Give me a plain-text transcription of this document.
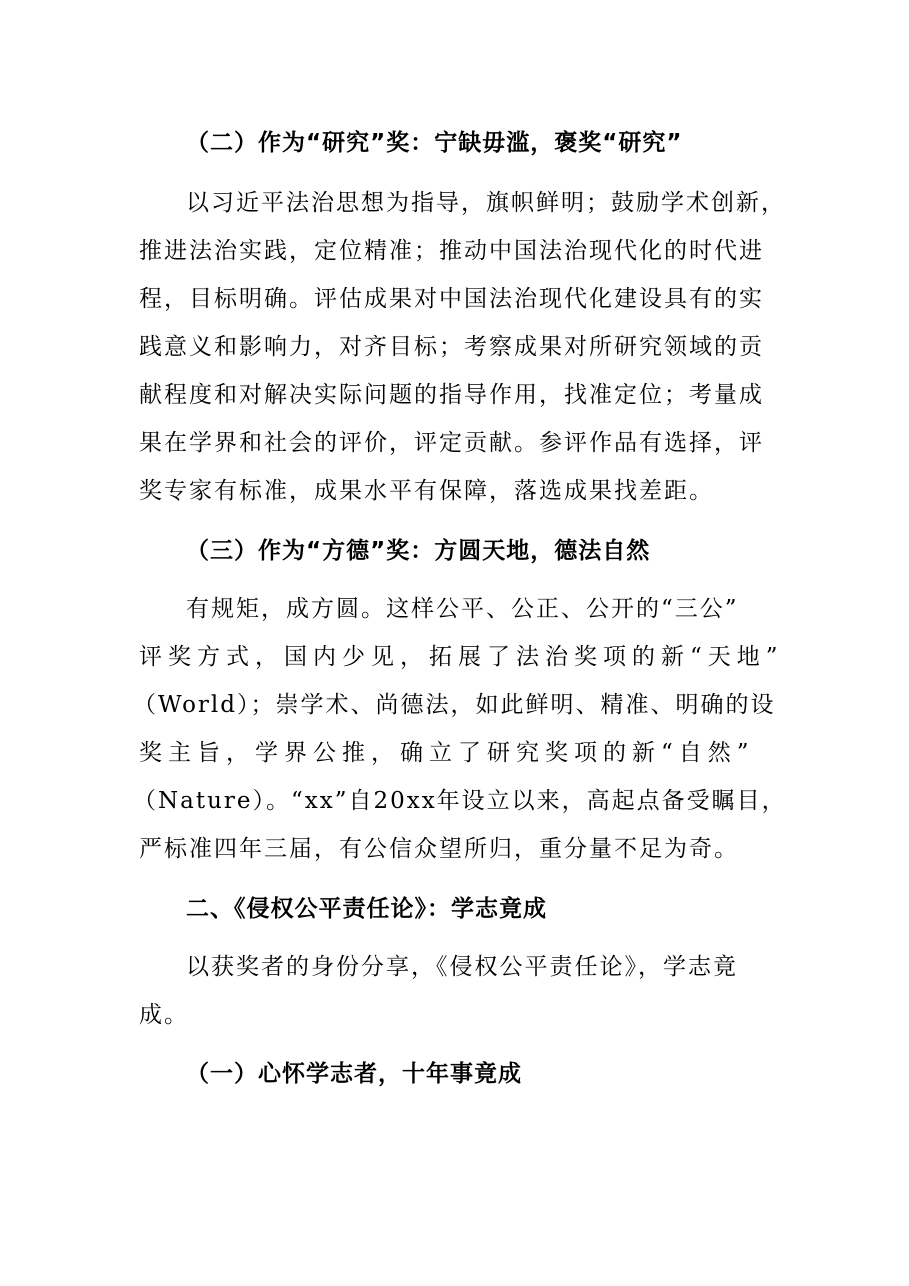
（二）作为“研究”奖：宁缺毋滥，褒奖“研究”
以习近平法治思想为指导，旗帜鲜明；鼓励学术创新，
推进法治实践，定位精准；推动中国法治现代化的时代进
程，目标明确。评估成果对中国法治现代化建设具有的实
践意义和影响力，对齐目标；考察成果对所研究领域的贡
献程度和对解决实际问题的指导作用，找准定位；考量成
果在学界和社会的评价，评定贡献。参评作品有选择，评
奖专家有标准，成果水平有保障，落选成果找差距。
（三）作为“方德”奖：方圆天地，德法自然
有规矩，成方圆。这样公平、公正、公开的“三公”
评奖方式，国内少见，拓展了法治奖项的新“天地”
（World）；崇学术、尚德法，如此鲜明、精准、明确的设
奖主旨，学界公推，确立了研究奖项的新“自然”
（Nature）。“xx”自20xx年设立以来，高起点备受瞩目，
严标准四年三届，有公信众望所归，重分量不足为奇。
二、《侵权公平责任论》：学志竟成
以获奖者的身份分享，《侵权公平责任论》，学志竟
成。
（一）心怀学志者，十年事竟成
